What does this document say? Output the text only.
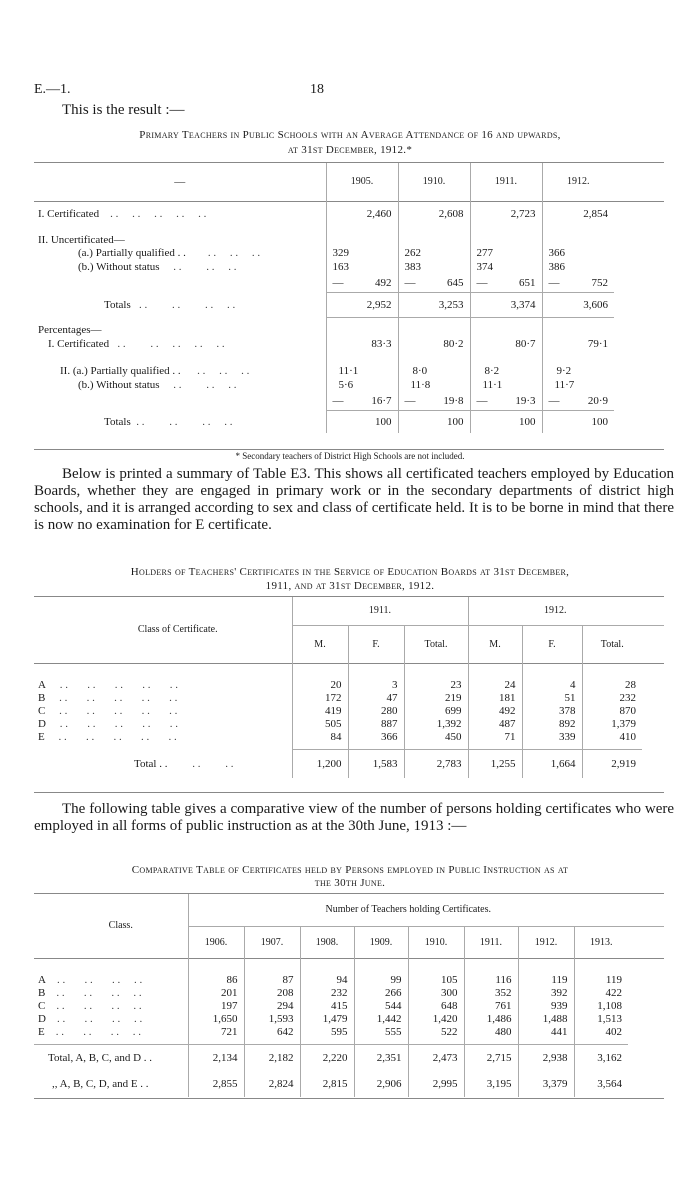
E.—1.	18
This is the result :—
Primary Teachers in Public Schools with an Average Attendance of 16 and upwards,
at 31st December, 1912.*
—	1905.	1910.	1911.	1912.	

I. Certificated    . .     . .     . .     . .     . .	2,460	2,608	2,723	2,854	
II. Uncertificated—					
(a.) Partially qualified . .        . .     . .     . .	329	262	277	366	
(b.) Without status     . .         . .     . .	163	383	374	386	

	— 492	— 645	— 651	— 752	

Totals   . .         . .         . .     . .	2,952	3,253	3,374	3,606	

Percentages—					
I. Certificated   . .         . .     . .     . .     . .	83·3	80·2	80·7	79·1	

II. (a.) Partially qualified . .      . .     . .     . .	11·1	8·0	8·2	9·2	
(b.) Without status     . .         . .     . .	5·6	11·8	11·1	11·7	

	— 16·7	— 19·8	— 19·3	— 20·9	

Totals  . .         . .         . .     . .	100	100	100	100	
* Secondary teachers of District High Schools are not included.
Below is printed a summary of Table E3. This shows all certificated teachers employed by Education Boards, whether they are engaged in primary work or in the secondary departments of district high schools, and it is arranged according to sex and class of certificate held. It is to be borne in mind that there is now no examination for E certificate.
Holders of Teachers' Certificates in the Service of Education Boards at 31st December,
1911, and at 31st December, 1912.
Class of Certificate.	1911.			1912.			
	M.	F.	Total.	M.	F.	Total.	

A     . .       . .       . .       . .       . .	20	3	23	24	4	28	
B     . .       . .       . .       . .       . .	172	47	219	181	51	232	
C     . .       . .       . .       . .       . .	419	280	699	492	378	870	
D     . .       . .       . .       . .       . .	505	887	1,392	487	892	1,379	
E     . .       . .       . .       . .       . .	84	366	450	71	339	410	

Total . .         . .         . .	1,200	1,583	2,783	1,255	1,664	2,919	
The following table gives a comparative view of the number of persons holding certificates who were employed in all forms of public instruction as at the 30th June, 1913 :—
Comparative Table of Certificates held by Persons employed in Public Instruction as at
the 30th June.
Class.	Number of Teachers holding Certificates.								
	1906.	1907.	1908.	1909.	1910.	1911.	1912.	1913.	

A    . .       . .       . .     . .	86	87	94	99	105	116	119	119	
B    . .       . .       . .     . .	201	208	232	266	300	352	392	422	
C    . .       . .       . .     . .	197	294	415	544	648	761	939	1,108	
D    . .       . .       . .     . .	1,650	1,593	1,479	1,442	1,420	1,486	1,488	1,513	
E    . .       . .       . .     . .	721	642	595	555	522	480	441	402	

Total, A, B, C, and D . .	2,134	2,182	2,220	2,351	2,473	2,715	2,938	3,162	
,, A, B, C, D, and E . .	2,855	2,824	2,815	2,906	2,995	3,195	3,379	3,564	
